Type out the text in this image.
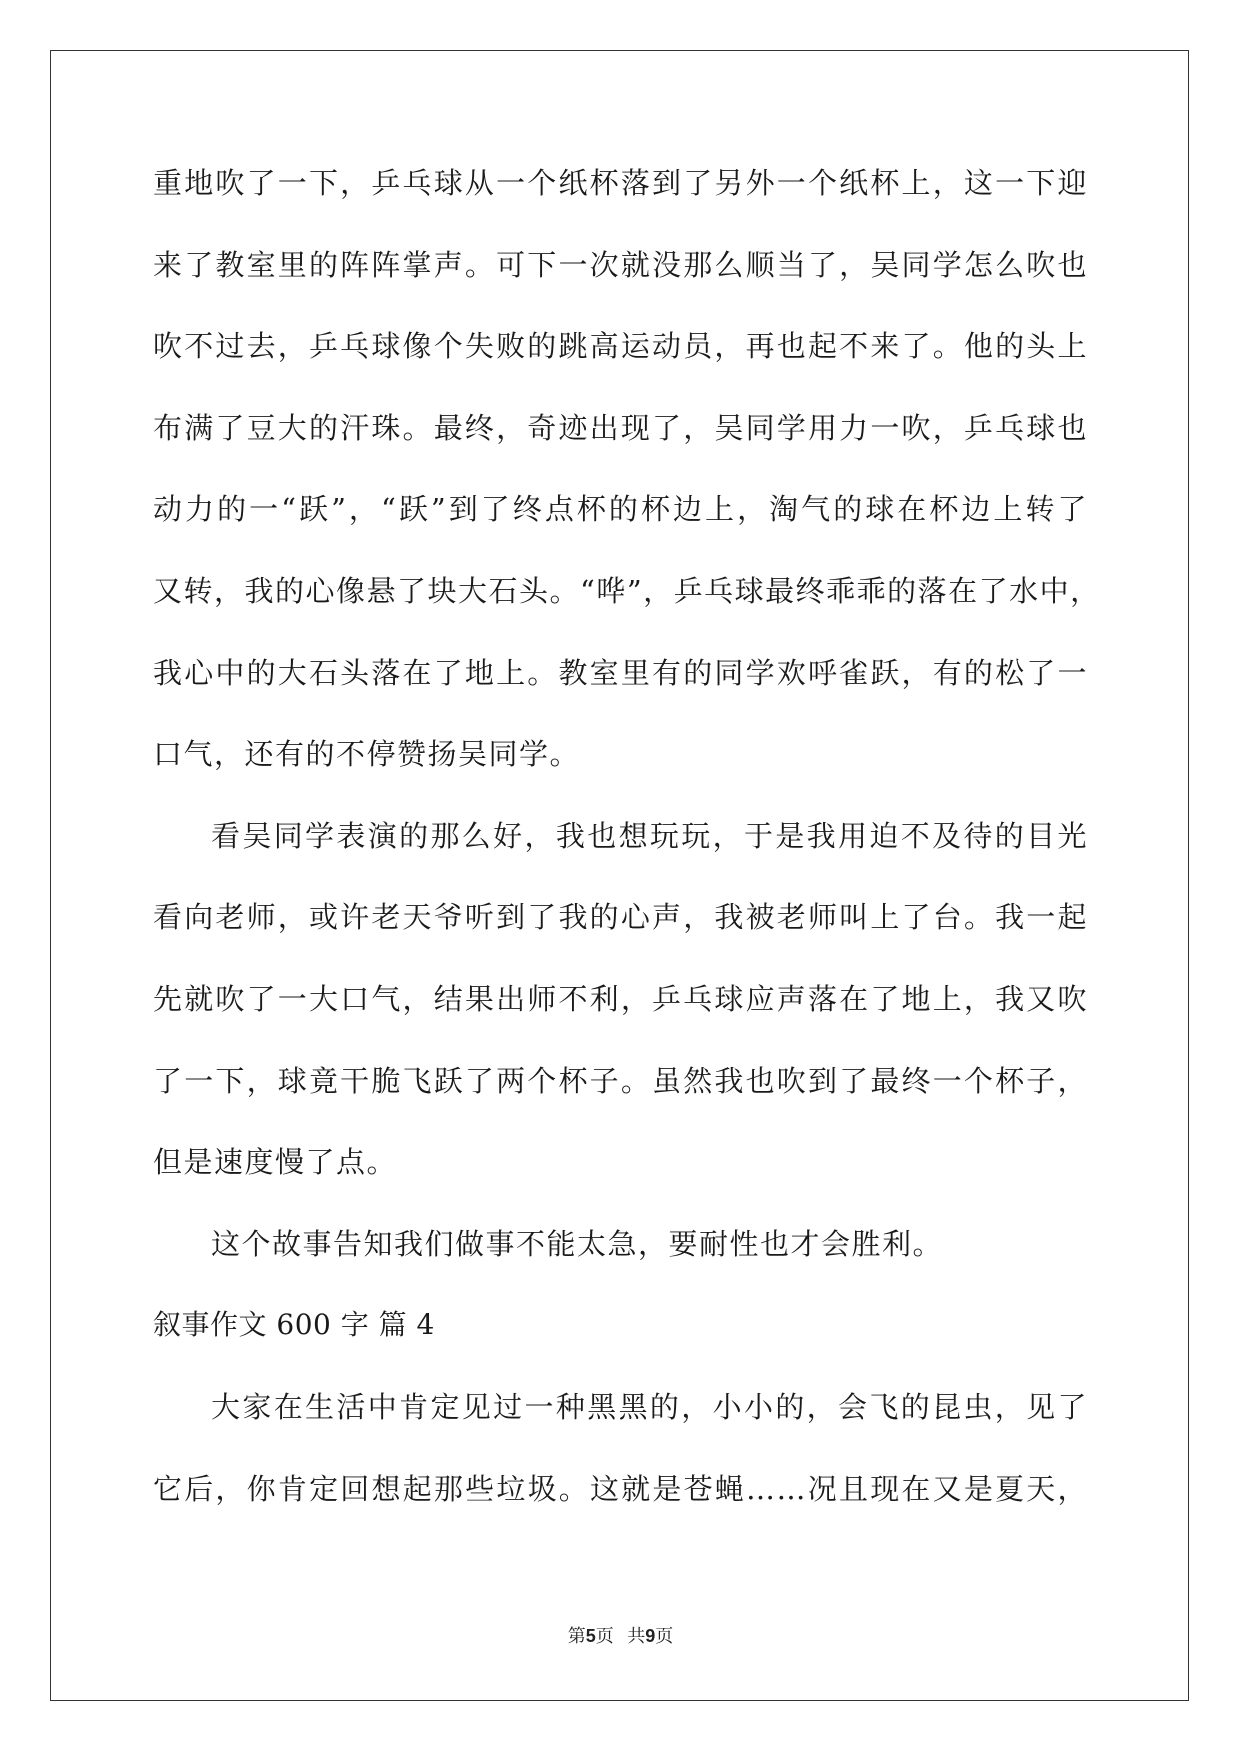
重地吹了一下，乒乓球从一个纸杯落到了另外一个纸杯上，这一下迎
来了教室里的阵阵掌声。可下一次就没那么顺当了，吴同学怎么吹也
吹不过去，乒乓球像个失败的跳高运动员，再也起不来了。他的头上
布满了豆大的汗珠。最终，奇迹出现了，吴同学用力一吹，乒乓球也
动力的一“跃”，“跃”到了终点杯的杯边上，淘气的球在杯边上转了
又转，我的心像悬了块大石头。“哗”，乒乓球最终乖乖的落在了水中，
我心中的大石头落在了地上。教室里有的同学欢呼雀跃，有的松了一
口气，还有的不停赞扬吴同学。
看吴同学表演的那么好，我也想玩玩，于是我用迫不及待的目光
看向老师，或许老天爷听到了我的心声，我被老师叫上了台。我一起
先就吹了一大口气，结果出师不利，乒乓球应声落在了地上，我又吹
了一下，球竟干脆飞跃了两个杯子。虽然我也吹到了最终一个杯子，
但是速度慢了点。
这个故事告知我们做事不能太急，要耐性也才会胜利。
叙事作文 600 字 篇 4
大家在生活中肯定见过一种黑黑的，小小的，会飞的昆虫，见了
它后，你肯定回想起那些垃圾。这就是苍蝇……况且现在又是夏天，
第5页 共9页
